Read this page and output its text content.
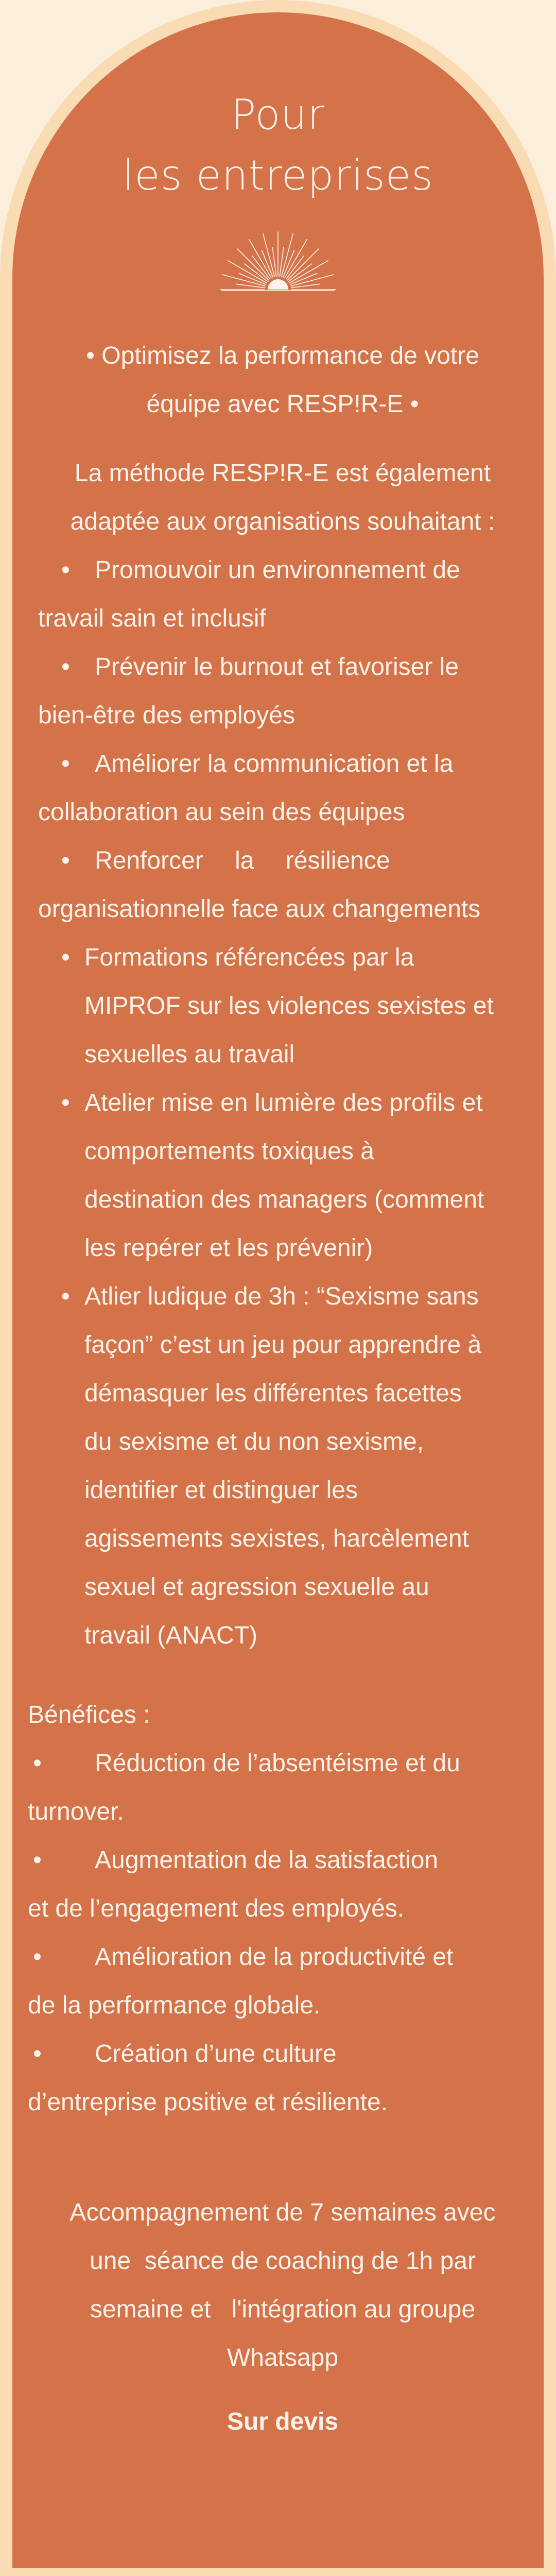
Pour
les entreprises
• Optimisez la performance de votre
équipe avec RESP!R-E •
La méthode RESP!R-E est également
adaptée aux organisations souhaitant :
• Promouvoir un environnement de
travail sain et inclusif
• Prévenir le burnout et favoriser le
bien-être des employés
• Améliorer la communication et la
collaboration au sein des équipes
• Renforcer la résilience
organisationnelle face aux changements
• Formations référencées par la
MIPROF sur les violences sexistes et
sexuelles au travail
• Atelier mise en lumière des profils et
comportements toxiques à
destination des managers (comment
les repérer et les prévenir)
• Atlier ludique de 3h : “Sexisme sans
façon” c’est un jeu pour apprendre à
démasquer les différentes facettes
du sexisme et du non sexisme,
identifier et distinguer les
agissements sexistes, harcèlement
sexuel et agression sexuelle au
travail (ANACT)
Bénéfices :
• Réduction de l’absentéisme et du
turnover.
• Augmentation de la satisfaction
et de l’engagement des employés.
• Amélioration de la productivité et
de la performance globale.
• Création d’une culture
d’entreprise positive et résiliente.
Accompagnement de 7 semaines avec
une  séance de coaching de 1h par
semaine et   l'intégration au groupe
Whatsapp
Sur devis
